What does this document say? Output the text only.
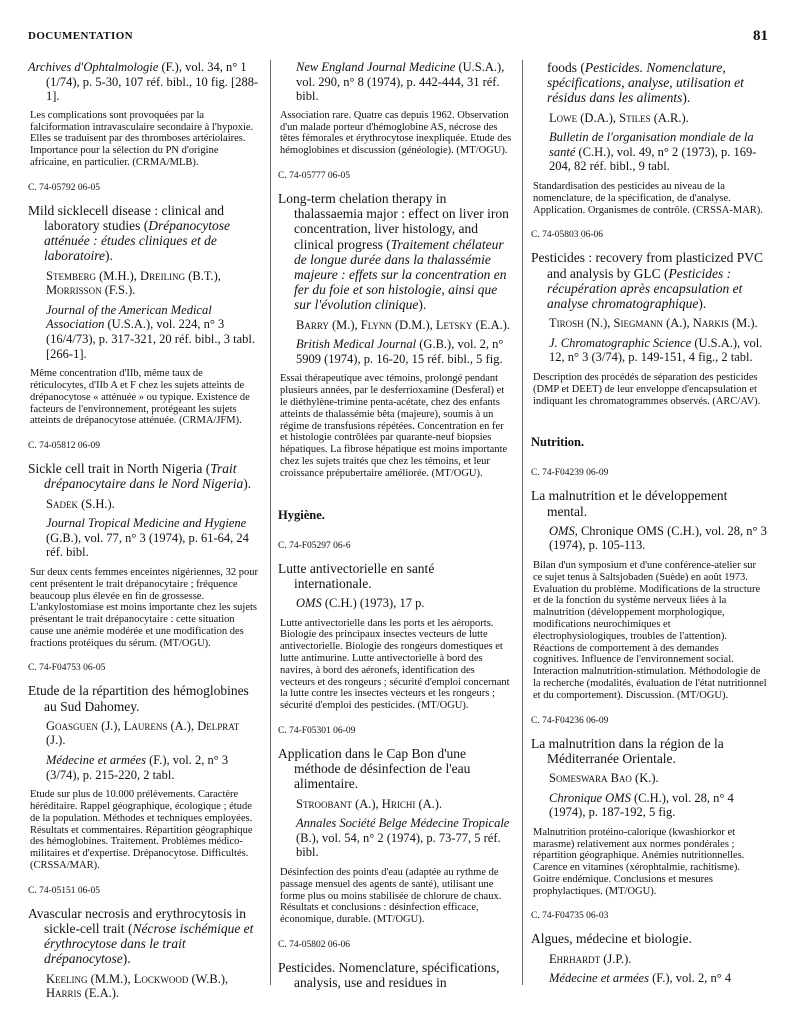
DOCUMENTATION	81

Archives d'Ophtalmologie (F.), vol. 34, n° 1 (1/74), p. 5-30, 107 réf. bibl., 10 fig. [288-1].

Les complications sont provoquées par la falciformation intravasculaire secondaire à l'hypoxie. Elles se traduisent par des thromboses artériolaires. Importance pour la sélection du PN d'origine africaine, en particulier. (CRMA/MLB).

C. 74-05792 06-05

Mild sicklecell disease : clinical and laboratory studies (Drépanocytose atténuée : études cliniques et de laboratoire).

Stemberg (M.H.), Dreiling (B.T.), Morrisson (F.S.).

Journal of the American Medical Association (U.S.A.), vol. 224, n° 3 (16/4/73), p. 317-321, 20 réf. bibl., 3 tabl. [266-1].

Même concentration d'IIb, même taux de réticulocytes, d'IIb A et F chez les sujets atteints de drépanocytose « atténuée » ou typique. Existence de facteurs de l'environnement, protégeant les sujets atteints de drépanocytose atténuée. (CRMA/JFM).

C. 74-05812 06-09

Sickle cell trait in North Nigeria (Trait drépanocytaire dans le Nord Nigeria).

Sadek (S.H.).

Journal Tropical Medicine and Hygiene (G.B.), vol. 77, n° 3 (1974), p. 61-64, 24 réf. bibl.

Sur deux cents femmes enceintes nigériennes, 32 pour cent présentent le trait drépanocytaire ; fréquence beaucoup plus élevée en fin de grossesse. L'ankylostomiase est moins importante chez les sujets présentant le trait drépanocytaire : cette situation cause une anémie modérée et une modification des fractions protéiques du sérum. (MT/OGU).

C. 74-F04753 06-05

Etude de la répartition des hémoglobines au Sud Dahomey.

Goasguen (J.), Laurens (A.), Delprat (J.).

Médecine et armées (F.), vol. 2, n° 3 (3/74), p. 215-220, 2 tabl.

Etude sur plus de 10.000 prélèvements. Caractère héréditaire. Rappel géographique, écologique ; étude de la population. Méthodes et techniques employées. Résultats et commentaires. Répartition géographique des hémoglobines. Traitement. Problèmes médico-militaires et d'expertise. Drépanocytose. Difficultés. (CRSSA/MAR).

C. 74-05151 06-05

Avascular necrosis and erythrocytosis in sickle-cell trait (Nécrose ischémique et érythrocytose dans le trait drépanocytose).

Keeling (M.M.), Lockwood (W.B.), Harris (E.A.).

New England Journal Medicine (U.S.A.), vol. 290, n° 8 (1974), p. 442-444, 31 réf. bibl.

Association rare. Quatre cas depuis 1962. Observation d'un malade porteur d'hémoglobine AS, nécrose des têtes fémorales et érythrocytose inexpliquée. Etude des hémoglobines et discussion (généologie). (MT/OGU).

C. 74-05777 06-05

Long-term chelation therapy in thalassaemia major : effect on liver iron concentration, liver histology, and clinical progress (Traitement chélateur de longue durée dans la thalassémie majeure : effets sur la concentration en fer du foie et son histologie, ainsi que sur l'évolution clinique).

Barry (M.), Flynn (D.M.), Letsky (E.A.).

British Medical Journal (G.B.), vol. 2, n° 5909 (1974), p. 16-20, 15 réf. bibl., 5 fig.

Essai thérapeutique avec témoins, prolongé pendant plusieurs années, par le desferrioxamine (Desferal) et le diéthylène-trimine penta-acétate, chez des enfants atteints de thalassémie bêta (majeure), soumis à un régime de transfusions répétées. Concentration en fer et histologie contrôlées par quarante-neuf biopsies hépatiques. La fibrose hépatique est moins importante chez les sujets traités que chez les témoins, et leur croissance prépubertaire améliorée. (MT/OGU).

Hygiène.

C. 74-F05297 06-6

Lutte antivectorielle en santé internationale.

OMS (C.H.) (1973), 17 p.

Lutte antivectorielle dans les ports et les aéroports. Biologie des principaux insectes vecteurs de lutte antivectorielle. Biologie des rongeurs domestiques et lutte antimurine. Lutte antivectorielle à bord des navires, à bord des aéronefs, identification des vecteurs et des rongeurs ; sécurité d'emploi concernant la lutte contre les insectes vecteurs et les rongeurs ; sécurité d'emploi des pesticides. (MT/OGU).

C. 74-F05301 06-09

Application dans le Cap Bon d'une méthode de désinfection de l'eau alimentaire.

Stroobant (A.), Hrichi (A.).

Annales Société Belge Médecine Tropicale (B.), vol. 54, n° 2 (1974), p. 73-77, 5 réf. bibl.

Désinfection des points d'eau (adaptée au rythme de passage mensuel des agents de santé), utilisant une forme plus ou moins stabilisée de chlorure de chaux. Résultats et conclusions : désinfection efficace, économique, durable. (MT/OGU).

C. 74-05802 06-06

Pesticides. Nomenclature, spécifications, analysis, use and residues in

foods (Pesticides. Nomenclature, spécifications, analyse, utilisation et résidus dans les aliments).

Lowe (D.A.), Stiles (A.R.).

Bulletin de l'organisation mondiale de la santé (C.H.), vol. 49, n° 2 (1973), p. 169-204, 82 réf. bibl., 9 tabl.

Standardisation des pesticides au niveau de la nomenclature, de la spécification, de d'analyse. Application. Organismes de contrôle. (CRSSA-MAR).

C. 74-05803 06-06

Pesticides : recovery from plasticized PVC and analysis by GLC (Pesticides : récupération après encapsulation et analyse chromatographique).

Tirosh (N.), Siegmann (A.), Narkis (M.).

J. Chromatographic Science (U.S.A.), vol. 12, n° 3 (3/74), p. 149-151, 4 fig., 2 tabl.

Description des procédés de séparation des pesticides (DMP et DEET) de leur enveloppe d'encapsulation et indiquant les chromatogrammes observés. (ARC/AV).

Nutrition.

C. 74-F04239 06-09

La malnutrition et le développement mental.

OMS, Chronique OMS (C.H.), vol. 28, n° 3 (1974), p. 105-113.

Bilan d'un symposium et d'une conférence-atelier sur ce sujet tenus à Saltsjobaden (Suède) en août 1973. Evaluation du problème. Modifications de la structure et de la fonction du système nerveux liées à la malnutrition (développement morphologique, modifications neurochimiques et électrophysiologiques, troubles de l'attention). Réactions de comportement à des demandes cognitives. Influence de l'environnement social. Interaction malnutrition-stimulation. Méthodologie de la recherche (modalités, évaluation de l'état nutritionnel et du comportement). Discussion. (MT/OGU).

C. 74-F04236 06-09

La malnutrition dans la région de la Méditerranée Orientale.

Someswara Bao (K.).

Chronique OMS (C.H.), vol. 28, n° 4 (1974), p. 187-192, 5 fig.

Malnutrition protéino-calorique (kwashiorkor et marasme) relativement aux normes pondérales ; répartition géographique. Anémies nutritionnelles. Carence en vitamines (xérophtalmie, rachitisme). Goitre endémique. Conclusions et mesures prophylactiques. (MT/OGU).

C. 74-F04735 06-03

Algues, médecine et biologie.

Ehrhardt (J.P.).

Médecine et armées (F.), vol. 2, n° 4
